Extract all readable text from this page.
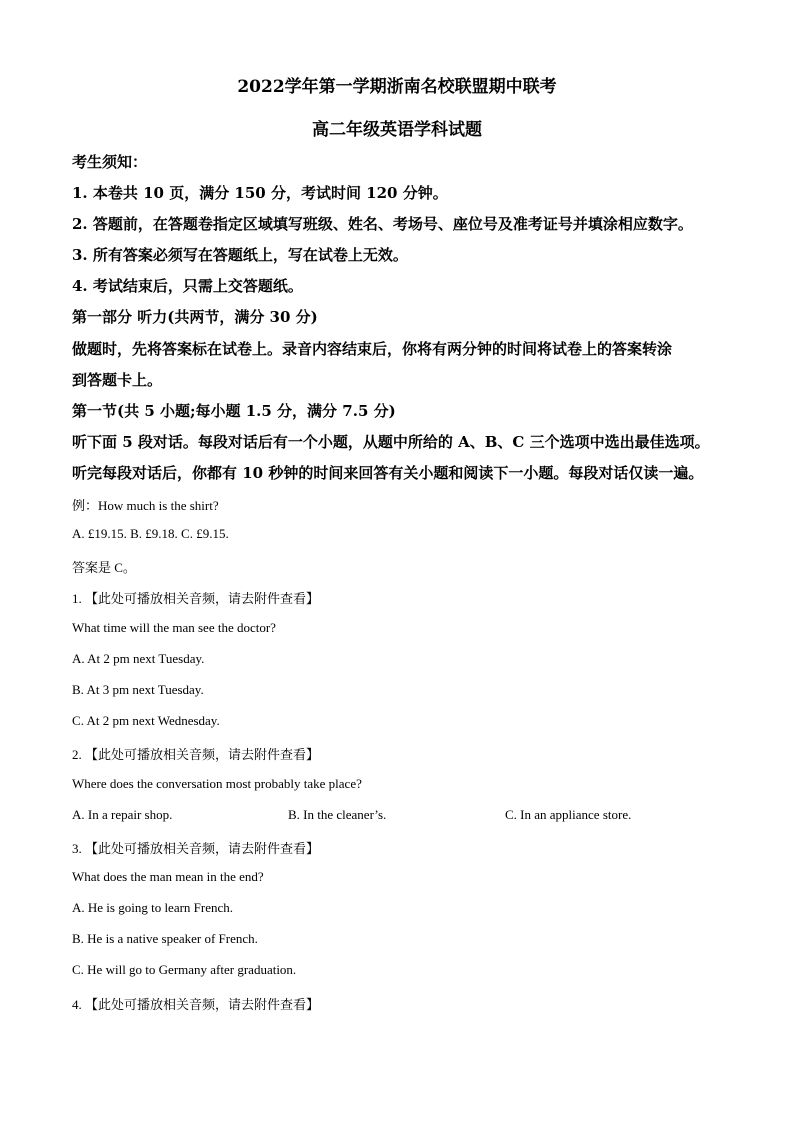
2022学年第一学期浙南名校联盟期中联考
高二年级英语学科试题
考生须知：
1. 本卷共 10 页，满分 150 分，考试时间 120 分钟。
2. 答题前，在答题卷指定区域填写班级、姓名、考场号、座位号及准考证号并填涂相应数字。
3. 所有答案必须写在答题纸上，写在试卷上无效。
4. 考试结束后，只需上交答题纸。
第一部分 听力(共两节，满分 30 分)
做题时，先将答案标在试卷上。录音内容结束后，你将有两分钟的时间将试卷上的答案转涂
到答题卡上。
第一节(共 5 小题;每小题 1.5 分，满分 7.5 分)
听下面 5 段对话。每段对话后有一个小题，从题中所给的 A、B、C 三个选项中选出最佳选项。
听完每段对话后，你都有 10 秒钟的时间来回答有关小题和阅读下一小题。每段对话仅读一遍。
例：How much is the shirt?
A. £19.15. B. £9.18. C. £9.15.
答案是 C。
1. 【此处可播放相关音频，请去附件查看】
What time will the man see the doctor?
A. At 2 pm next Tuesday.
B. At 3 pm next Tuesday.
C. At 2 pm next Wednesday.
2. 【此处可播放相关音频，请去附件查看】
Where does the conversation most probably take place?
A. In a repair shop.	B. In the cleaner’s.	C. In an appliance store.
3. 【此处可播放相关音频，请去附件查看】
What does the man mean in the end?
A. He is going to learn French.
B. He is a native speaker of French.
C. He will go to Germany after graduation.
4. 【此处可播放相关音频，请去附件查看】
